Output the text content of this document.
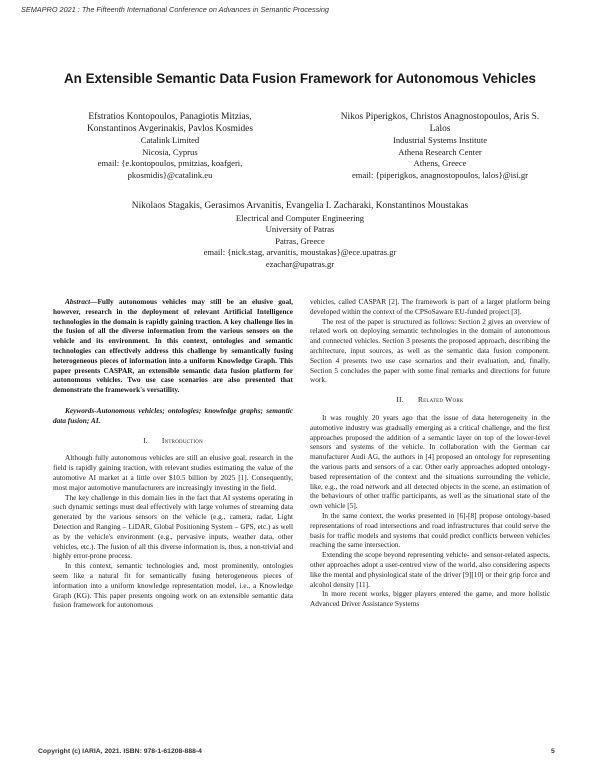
SEMAPRO 2021 : The Fifteenth International Conference on Advances in Semantic Processing
An Extensible Semantic Data Fusion Framework for Autonomous Vehicles
Efstratios Kontopoulos, Panagiotis Mitzias,
Konstantinos Avgerinakis, Pavlos Kosmides
Catalink Limited
Nicosia, Cyprus
email: {e.kontopoulos, pmitzias, koafgeri,
pkosmidis}@catalink.eu
Nikos Piperigkos, Christos Anagnostopoulos, Aris S.
Lalos
Industrial Systems Institute
Athena Research Center
Athens, Greece
email: {piperigkos, anagnostopoulos, lalos}@isi.gr
Nikolaos Stagakis, Gerasimos Arvanitis, Evangelia I. Zacharaki, Konstantinos Moustakas
Electrical and Computer Engineering
University of Patras
Patras, Greece
email: {nick.stag, arvanitis, moustakas}@ece.upatras.gr
ezachar@upatras.gr

Abstract—Fully autonomous vehicles may still be an elusive goal, however, research in the deployment of relevant Artificial Intelligence technologies in the domain is rapidly gaining traction. A key challenge lies in the fusion of all the diverse information from the various sensors on the vehicle and its environment. In this context, ontologies and semantic technologies can effectively address this challenge by semantically fusing heterogeneous pieces of information into a uniform Knowledge Graph. This paper presents CASPAR, an extensible semantic data fusion platform for autonomous vehicles. Two use case scenarios are also presented that demonstrate the framework's versatility.

Keywords-Autonomous vehicles; ontologies; knowledge graphs; semantic data fusion; AI.

I. Introduction

Although fully autonomous vehicles are still an elusive goal, research in the field is rapidly gaining traction, with relevant studies estimating the value of the automotive AI market at a little over $10.5 billion by 2025 [1]. Consequently, most major automotive manufacturers are increasingly investing in the field.

The key challenge in this domain lies in the fact that AI systems operating in such dynamic settings must deal effectively with large volumes of streaming data generated by the various sensors on the vehicle (e.g., camera, radar, Light Detection and Ranging – LiDAR, Global Positioning System – GPS, etc.) as well as by the vehicle's environment (e.g., pervasive inputs, weather data, other vehicles, etc.). The fusion of all this diverse information is, thus, a non-trivial and highly error-prone process.

In this context, semantic technologies and, most prominently, ontologies seem like a natural fit for semantically fusing heterogeneous pieces of information into a uniform knowledge representation model, i.e., a Knowledge Graph (KG). This paper presents ongoing work on an extensible semantic data fusion framework for autonomous

vehicles, called CASPAR [2]. The framework is part of a larger platform being developed within the context of the CPSoSaware EU-funded project [3].

The rest of the paper is structured as follows: Section 2 gives an overview of related work on deploying semantic technologies in the domain of autonomous and connected vehicles. Section 3 presents the proposed approach, describing the architecture, input sources, as well as the semantic data fusion component. Section 4 presents two use case scenarios and their evaluation, and, finally, Section 5 concludes the paper with some final remarks and directions for future work.

II. Related Work

It was roughly 20 years ago that the issue of data heterogeneity in the automotive industry was gradually emerging as a critical challenge, and the first approaches proposed the addition of a semantic layer on top of the lower-level sensors and systems of the vehicle. In collaboration with the German car manufacturer Audi AG, the authors in [4] proposed an ontology for representing the various parts and sensors of a car. Other early approaches adopted ontology-based representation of the context and the situations surrounding the vehicle, like, e.g., the road network and all detected objects in the scene, an estimation of the behaviours of other traffic participants, as well as the situational state of the own vehicle [5].

In the same context, the works presented in [6]-[8] propose ontology-based representations of road intersections and road infrastructures that could serve the basis for traffic models and systems that could predict conflicts between vehicles reaching the same intersection.

Extending the scope beyond representing vehicle- and sensor-related aspects, other approaches adopt a user-centred view of the world, also considering aspects like the mental and physiological state of the driver [9][10] or their grip force and alcohol density [11].

In more recent works, bigger players entered the game, and more holistic Advanced Driver Assistance Systems

Copyright (c) IARIA, 2021. ISBN: 978-1-61208-888-4	5
